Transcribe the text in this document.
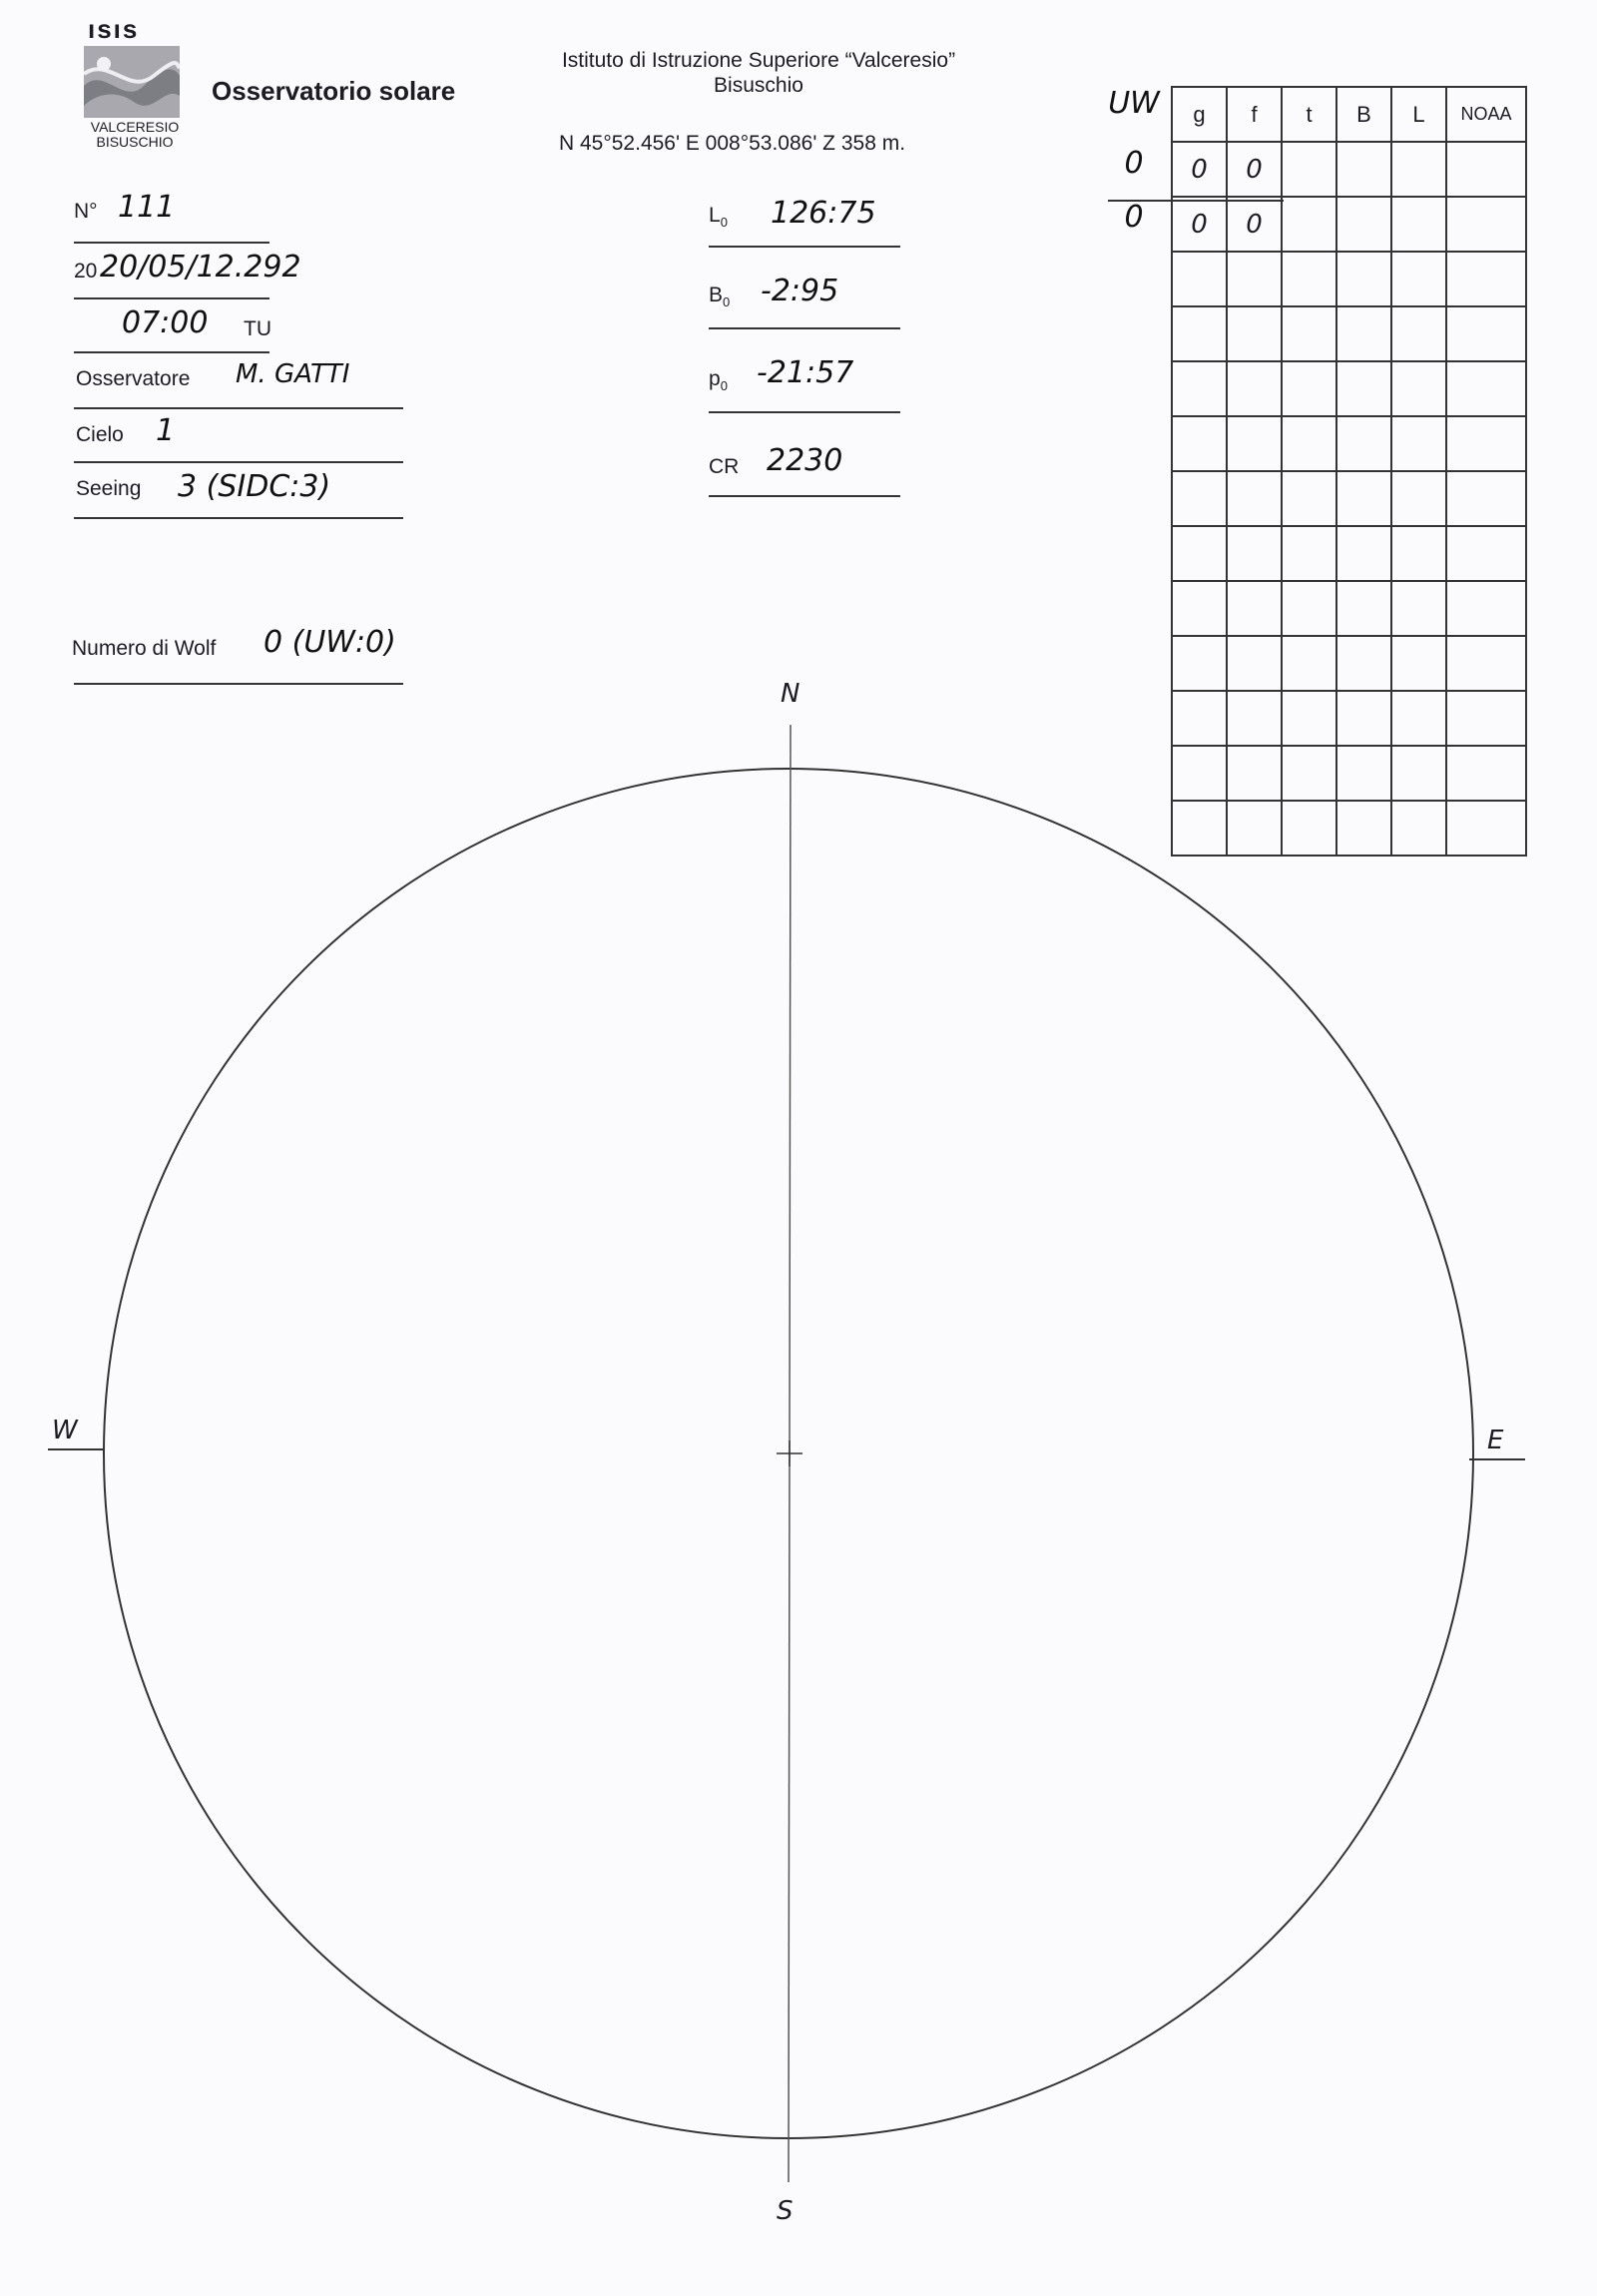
ısıs
VALCERESIO
BISUSCHIO
Osservatorio solare
Istituto di Istruzione Superiore “Valceresio”
Bisuschio
N 45°52.456' E 008°53.086' Z 358 m.
N° 111
20 20/05/12.292
07:00 TU
Osservatore M. GATTI
Cielo 1
Seeing 3 (SIDC:3)
Numero di Wolf 0 (UW:0)
$L_0$ 126:75
$B_0$ -2:95
$p_0$ -21:57
CR 2230
UW
0
0
g	f	t	B	L	NOAA
0	0				
0	0				

N
S
W	E
